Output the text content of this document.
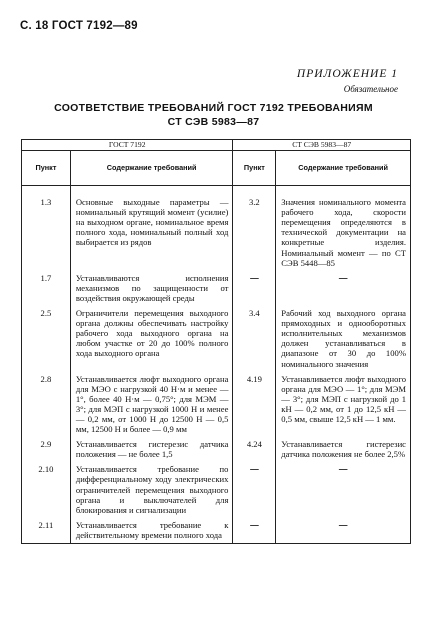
С. 18 ГОСТ 7192—89
ПРИЛОЖЕНИЕ 1
Обязательное
СООТВЕТСТВИЕ ТРЕБОВАНИЙ ГОСТ 7192 ТРЕБОВАНИЯМ
СТ СЭВ 5983—87
ГОСТ 7192		СТ СЭВ 5983—87	
Пункт	Содержание требований	Пункт	Содержание требований
1.3	Основные выходные параметры — номинальный крутящий момент (усилие) на выходном органе, номинальное время полного хода, номинальный полный ход выбирается из рядов	3.2	Значения номинального момента рабочего хода, скорости перемещения определяются в технической документации на конкретные изделия. Номинальный момент — по СТ СЭВ 5448—85
1.7	Устанавливаются исполнения механизмов по защищенности от воздействия окружающей среды	—	—
2.5	Ограничители перемещения выходного органа должны обеспечивать настройку рабочего хода выходного органа на любом участке от 20 до 100% полного хода выходного органа	3.4	Рабочий ход выходного органа прямоходных и однооборотных исполнительных механизмов должен устанавливаться в диапазоне от 30 до 100% номинального значения
2.8	Устанавливается люфт выходного органа для МЭО с нагрузкой 40 Н·м и менее — 1°, более 40 Н·м — 0,75°; для МЭМ — 3°; для МЭП с нагрузкой 1000 Н и менее — 0,2 мм, от 1000 Н до 12500 Н — 0,5 мм, 12500 Н и более — 0,9 мм	4.19	Устанавливается люфт выходного органа для МЭО — 1°; для МЭМ — 3°; для МЭП с нагрузкой до 1 кН — 0,2 мм, от 1 до 12,5 кН — 0,5 мм, свыше 12,5 кН — 1 мм.
2.9	Устанавливается гистерезис датчика положения — не более 1,5	4.24	Устанавливается гистерезис датчика положения не более 2,5%
2.10	Устанавливается требование по дифференциальному ходу электрических ограничителей перемещения выходного органа и выключателей для блокирования и сигнализации	—	—
2.11	Устанавливается требование к действительному времени полного хода	—	—
